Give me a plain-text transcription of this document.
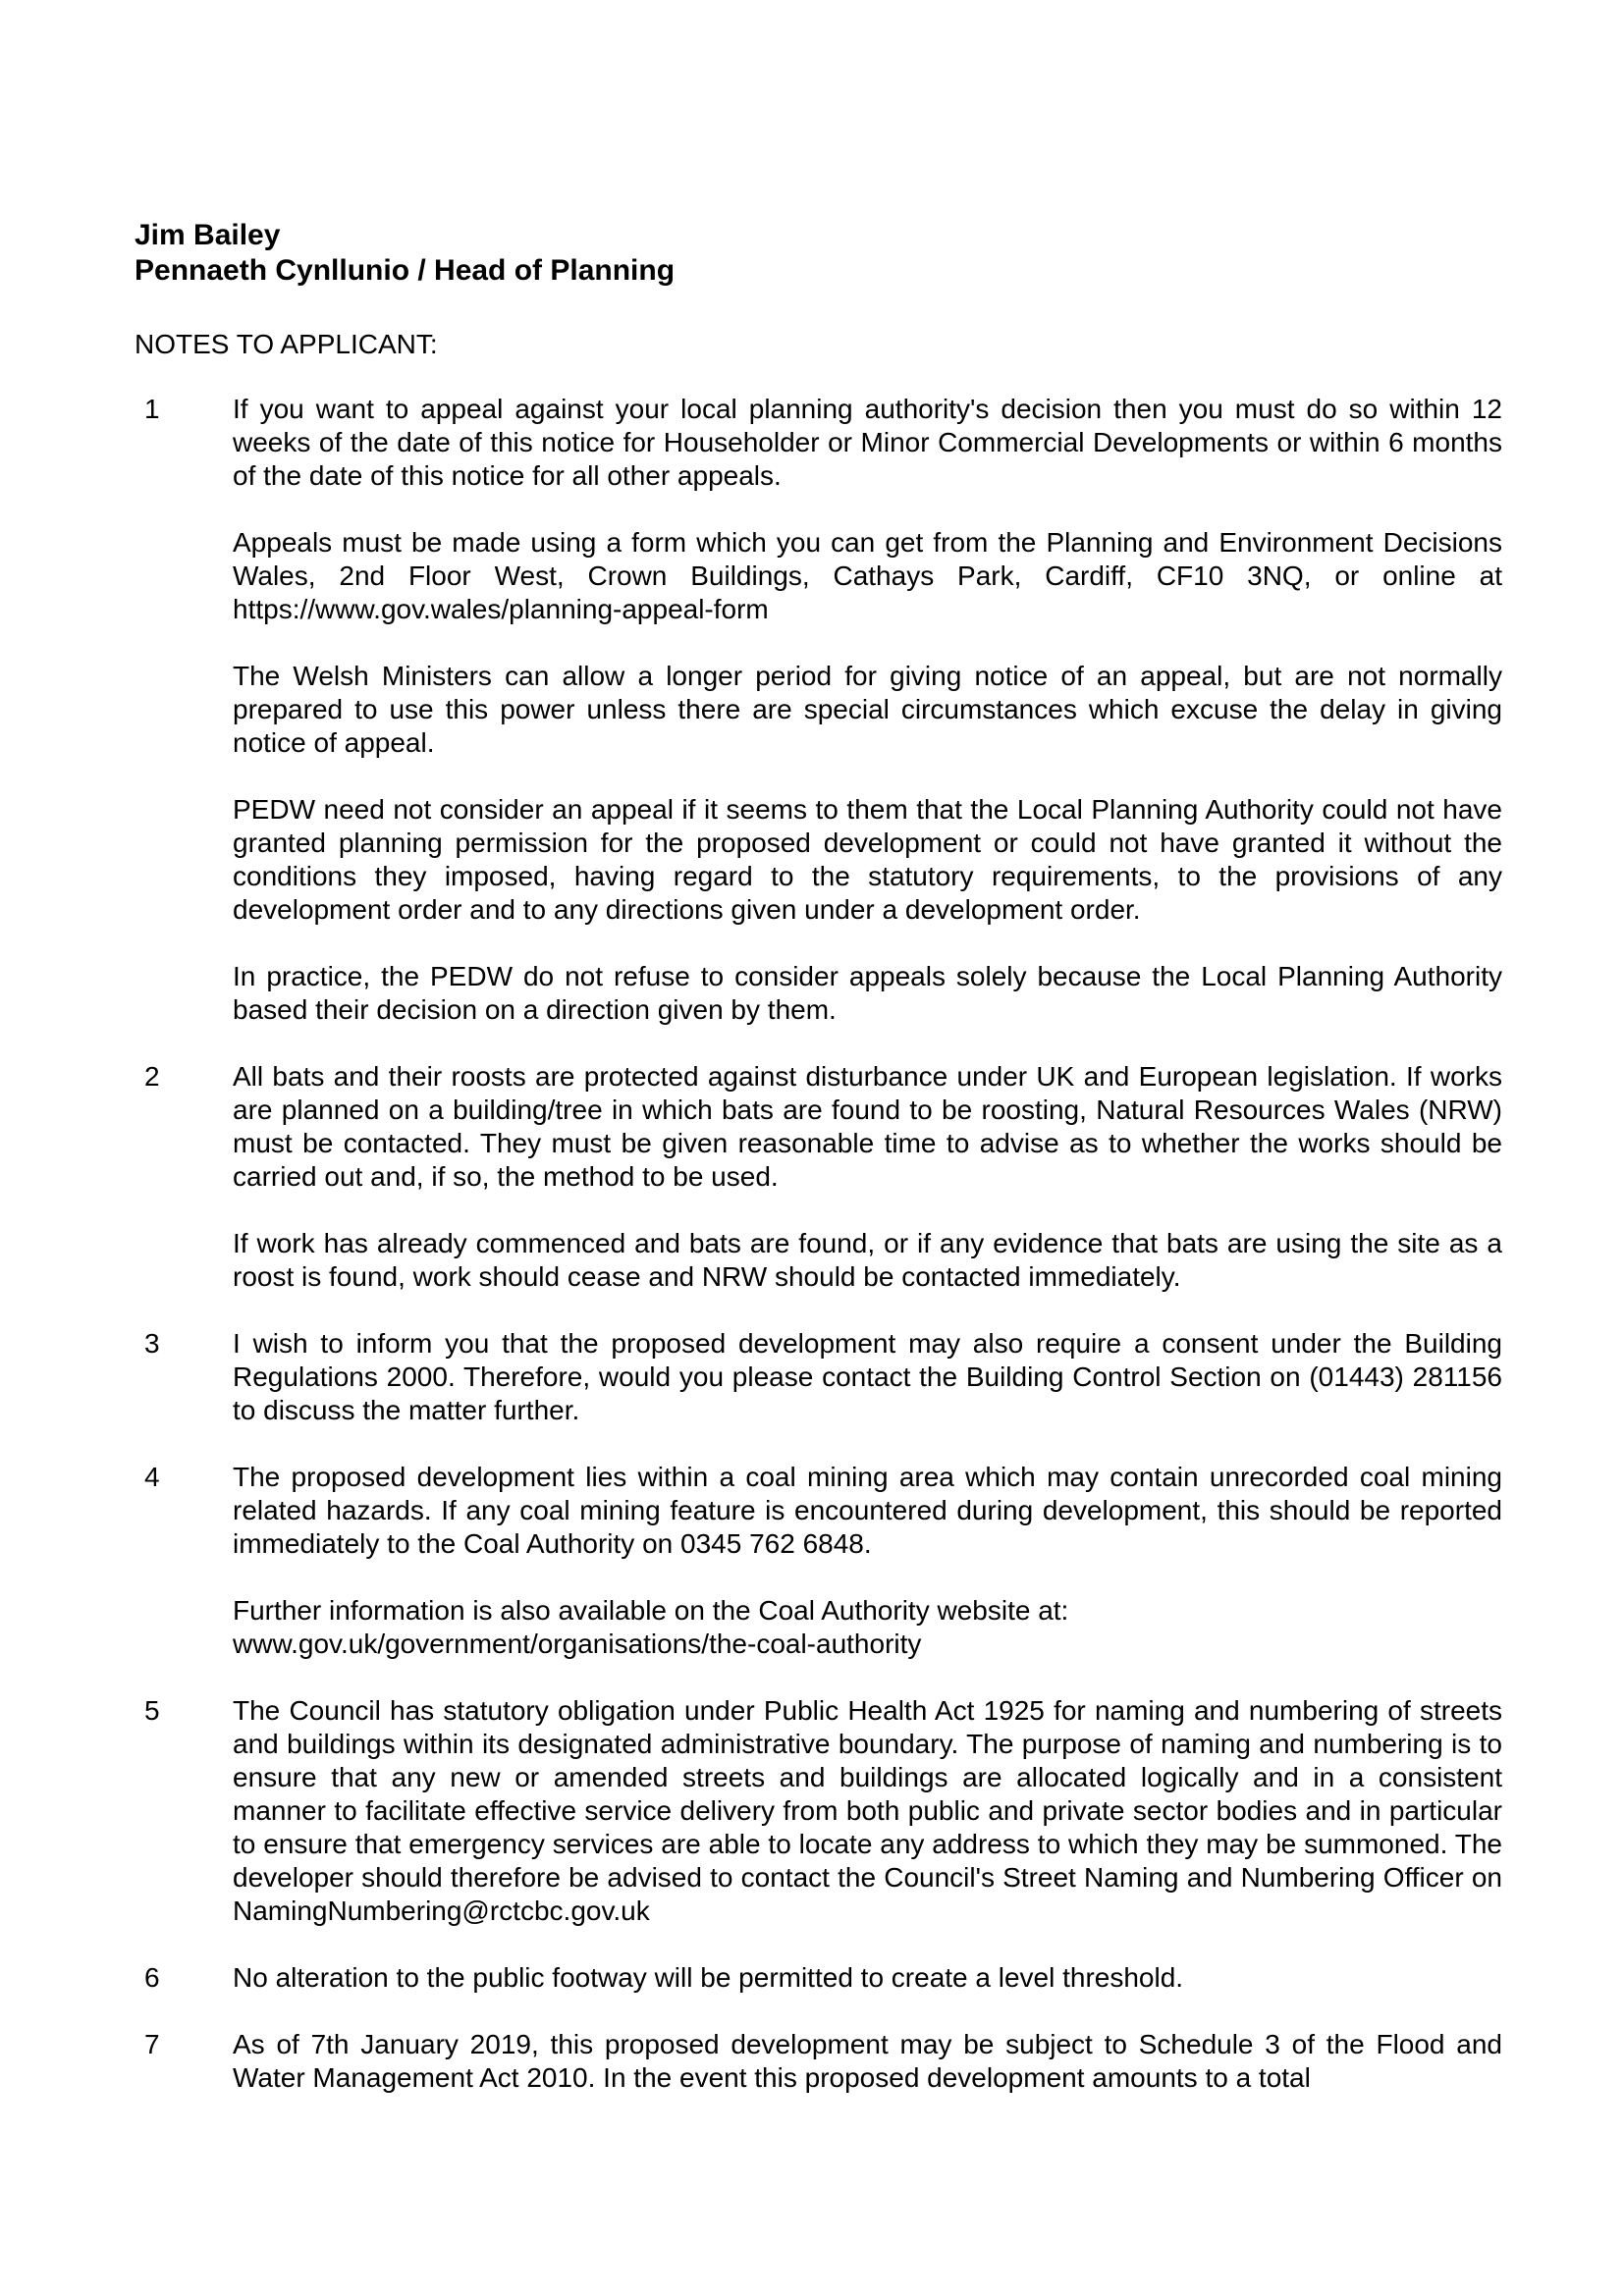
Jim Bailey

Pennaeth Cynllunio / Head of Planning

NOTES TO APPLICANT:

1	If you want to appeal against your local planning authority's decision then you must do so within 12 weeks of the date of this notice for Householder or Minor Commercial Developments or within 6 months of the date of this notice for all other appeals.

Appeals must be made using a form which you can get from the Planning and Environment Decisions Wales, 2nd Floor West, Crown Buildings, Cathays Park, Cardiff, CF10 3NQ, or online at https://www.gov.wales/planning-appeal-form

The Welsh Ministers can allow a longer period for giving notice of an appeal, but are not normally prepared to use this power unless there are special circumstances which excuse the delay in giving notice of appeal.

PEDW need not consider an appeal if it seems to them that the Local Planning Authority could not have granted planning permission for the proposed development or could not have granted it without the conditions they imposed, having regard to the statutory requirements, to the provisions of any development order and to any directions given under a development order.

In practice, the PEDW do not refuse to consider appeals solely because the Local Planning Authority based their decision on a direction given by them.

2	All bats and their roosts are protected against disturbance under UK and European legislation. If works are planned on a building/tree in which bats are found to be roosting, Natural Resources Wales (NRW) must be contacted. They must be given reasonable time to advise as to whether the works should be carried out and, if so, the method to be used.

If work has already commenced and bats are found, or if any evidence that bats are using the site as a roost is found, work should cease and NRW should be contacted immediately.

3	I wish to inform you that the proposed development may also require a consent under the Building Regulations 2000. Therefore, would you please contact the Building Control Section on (01443) 281156 to discuss the matter further.

4	The proposed development lies within a coal mining area which may contain unrecorded coal mining related hazards. If any coal mining feature is encountered during development, this should be reported immediately to the Coal Authority on 0345 762 6848.

Further information is also available on the Coal Authority website at: www.gov.uk/government/organisations/the-coal-authority

5	The Council has statutory obligation under Public Health Act 1925 for naming and numbering of streets and buildings within its designated administrative boundary. The purpose of naming and numbering is to ensure that any new or amended streets and buildings are allocated logically and in a consistent manner to facilitate effective service delivery from both public and private sector bodies and in particular to ensure that emergency services are able to locate any address to which they may be summoned. The developer should therefore be advised to contact the Council's Street Naming and Numbering Officer on NamingNumbering@rctcbc.gov.uk

6	No alteration to the public footway will be permitted to create a level threshold.

7	As of 7th January 2019, this proposed development may be subject to Schedule 3 of the Flood and Water Management Act 2010. In the event this proposed development amounts to a total
